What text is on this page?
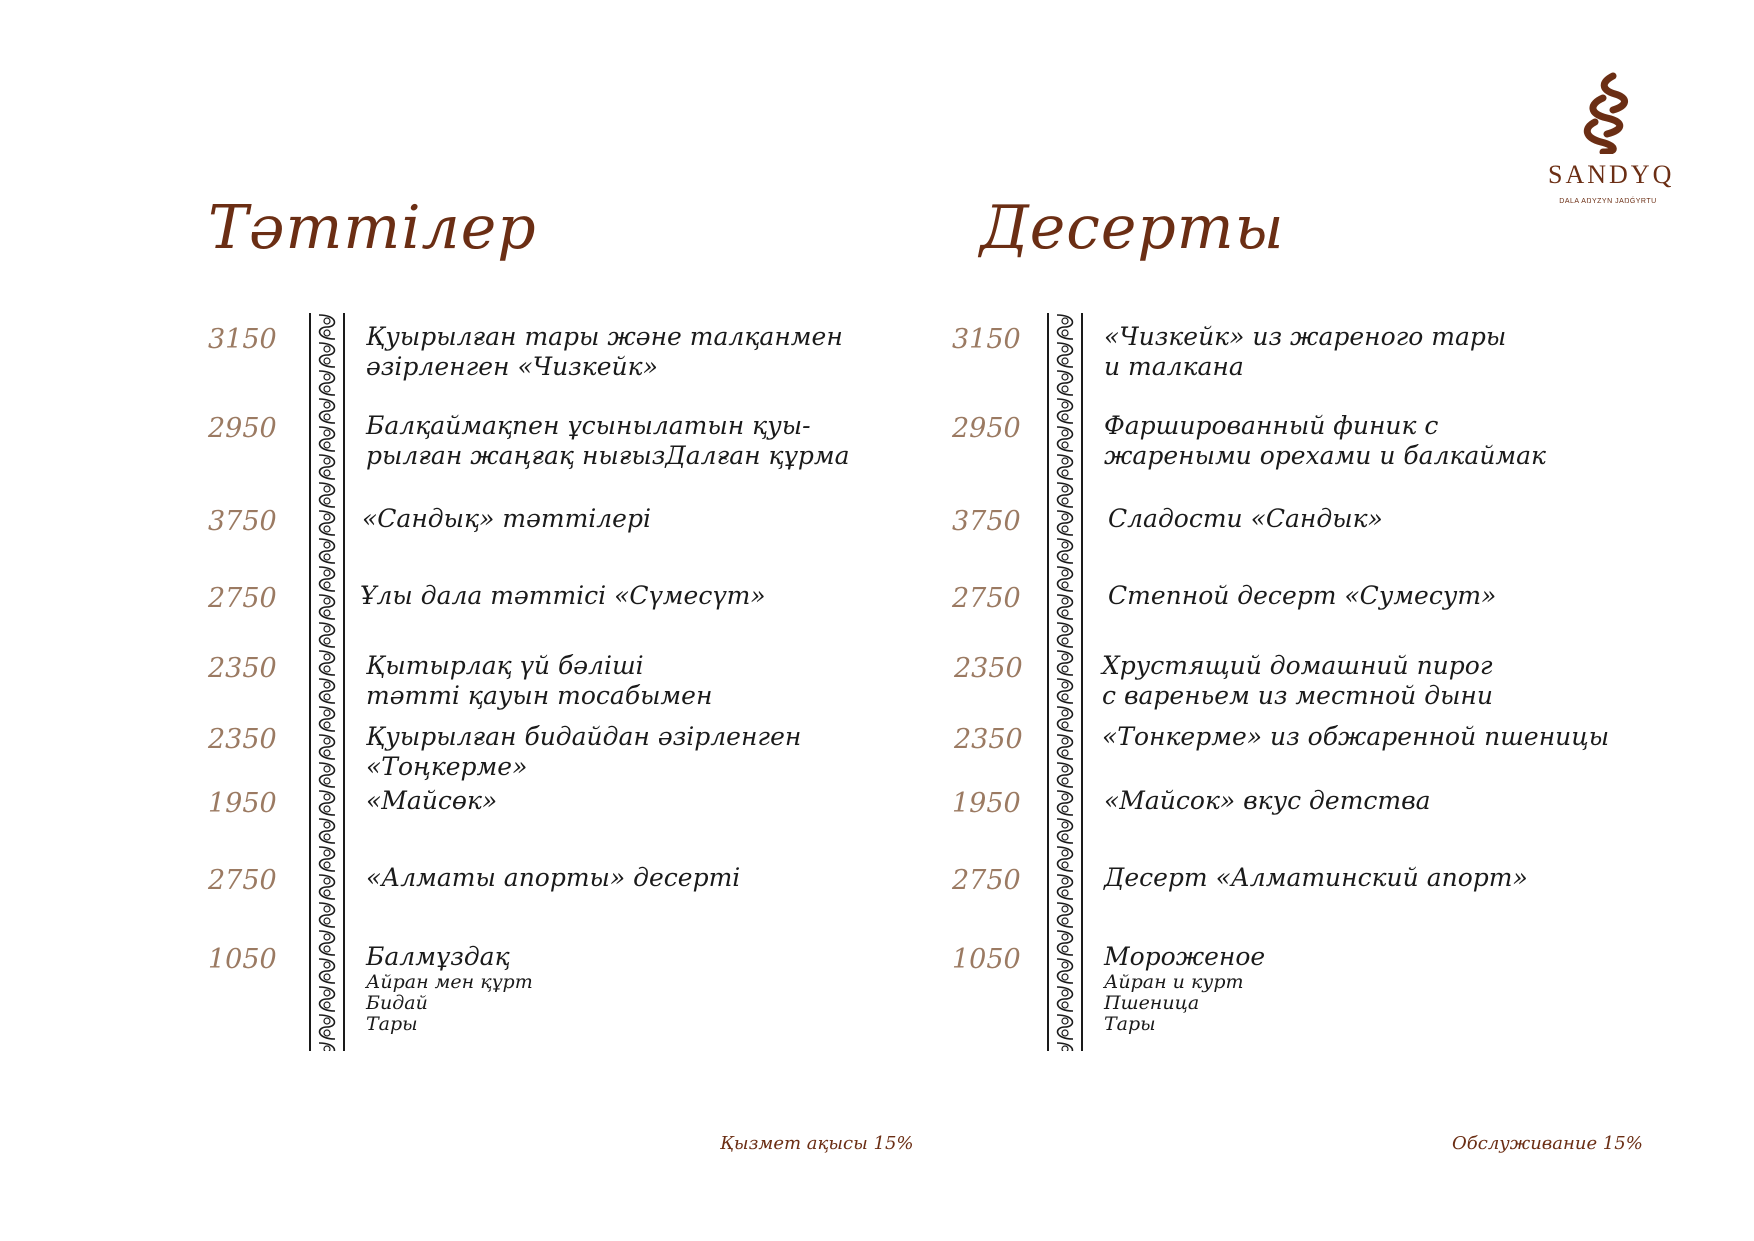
SANDYQ
DALA AŊYZYN JAŊǴYRTU
Тәттілер	Десерты
3150	Қуырылған тары және талқанмен
әзірленген «Чизкейк»
2950	Балқаймақпен ұсынылатын қуы-
рылған жаңғақ нығызДалған құрма
3750	«Сандық» тәттілері
2750	Ұлы дала тәттісі «Сүмесүт»
2350	Қытырлақ үй бәліші
тәтті қауын тосабымен
2350	Қуырылған бидайдан әзірленген
«Тоңкерме»
1950	«Майсөк»
2750	«Алматы апорты» десерті
1050	Балмұздақ
Айран мен құрт
Бидай
Тары
3150	«Чизкейк» из жареного тары
и талкана
2950	Фаршированный финик с
жареными орехами и балкаймак
3750	Сладости «Сандык»
2750	Степной десерт «Сумесут»
2350	Хрустящий домашний пирог
с вареньем из местной дыни
2350	«Тонкерме» из обжаренной пшеницы
1950	«Майсок» вкус детства
2750	Десерт «Алматинский апорт»
1050	Мороженое
Айран и курт
Пшеница
Тары
Қызмет ақысы 15%	Обслуживание 15%
